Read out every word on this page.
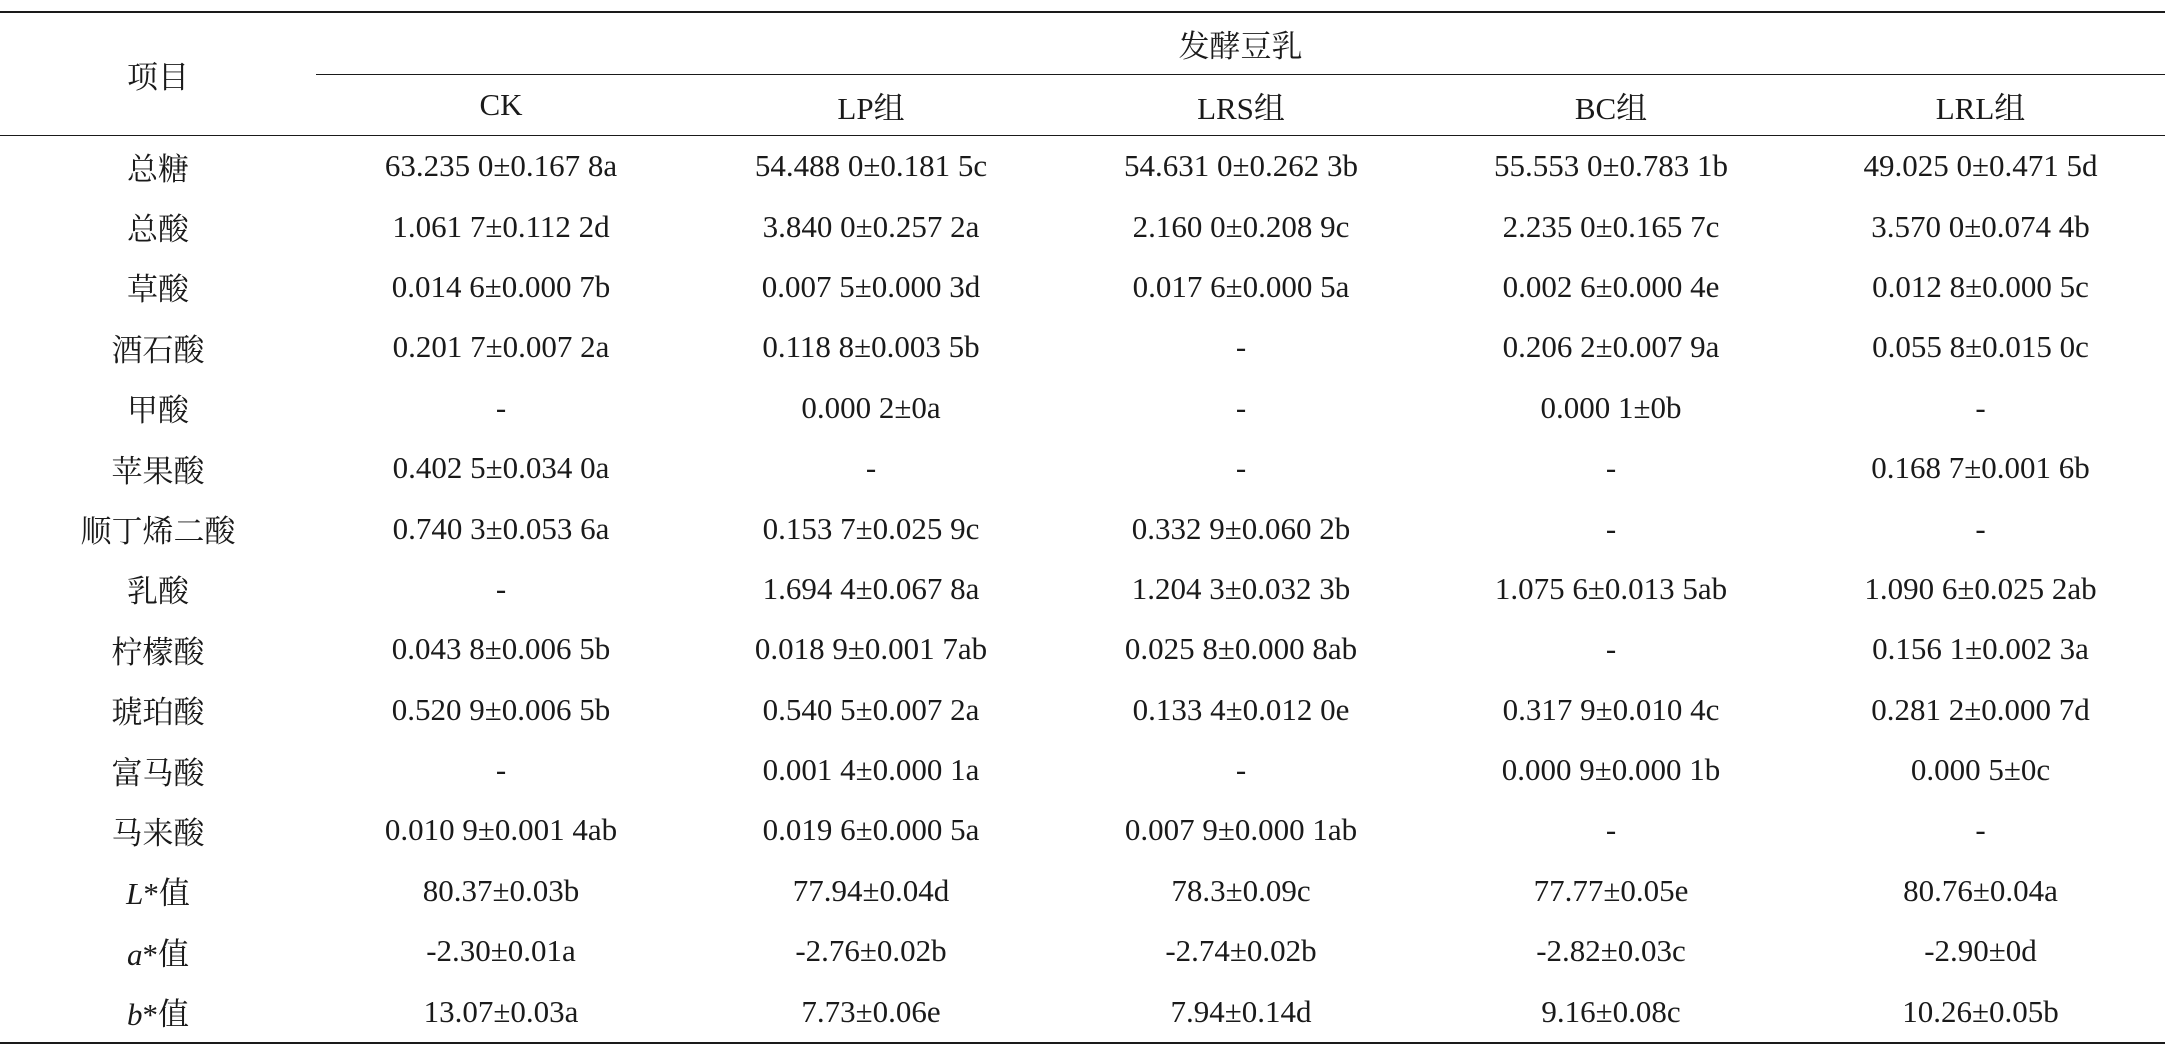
项目	发酵豆乳				
	CK	LP组	LRS组	BC组	LRL组
总糖	63.235 0±0.167 8a	54.488 0±0.181 5c	54.631 0±0.262 3b	55.553 0±0.783 1b	49.025 0±0.471 5d
总酸	1.061 7±0.112 2d	3.840 0±0.257 2a	2.160 0±0.208 9c	2.235 0±0.165 7c	3.570 0±0.074 4b
草酸	0.014 6±0.000 7b	0.007 5±0.000 3d	0.017 6±0.000 5a	0.002 6±0.000 4e	0.012 8±0.000 5c
酒石酸	0.201 7±0.007 2a	0.118 8±0.003 5b	-	0.206 2±0.007 9a	0.055 8±0.015 0c
甲酸	-	0.000 2±0a	-	0.000 1±0b	-
苹果酸	0.402 5±0.034 0a	-	-	-	0.168 7±0.001 6b
顺丁烯二酸	0.740 3±0.053 6a	0.153 7±0.025 9c	0.332 9±0.060 2b	-	-
乳酸	-	1.694 4±0.067 8a	1.204 3±0.032 3b	1.075 6±0.013 5ab	1.090 6±0.025 2ab
柠檬酸	0.043 8±0.006 5b	0.018 9±0.001 7ab	0.025 8±0.000 8ab	-	0.156 1±0.002 3a
琥珀酸	0.520 9±0.006 5b	0.540 5±0.007 2a	0.133 4±0.012 0e	0.317 9±0.010 4c	0.281 2±0.000 7d
富马酸	-	0.001 4±0.000 1a	-	0.000 9±0.000 1b	0.000 5±0c
马来酸	0.010 9±0.001 4ab	0.019 6±0.000 5a	0.007 9±0.000 1ab	-	-
L*值	80.37±0.03b	77.94±0.04d	78.3±0.09c	77.77±0.05e	80.76±0.04a
a*值	-2.30±0.01a	-2.76±0.02b	-2.74±0.02b	-2.82±0.03c	-2.90±0d
b*值	13.07±0.03a	7.73±0.06e	7.94±0.14d	9.16±0.08c	10.26±0.05b
